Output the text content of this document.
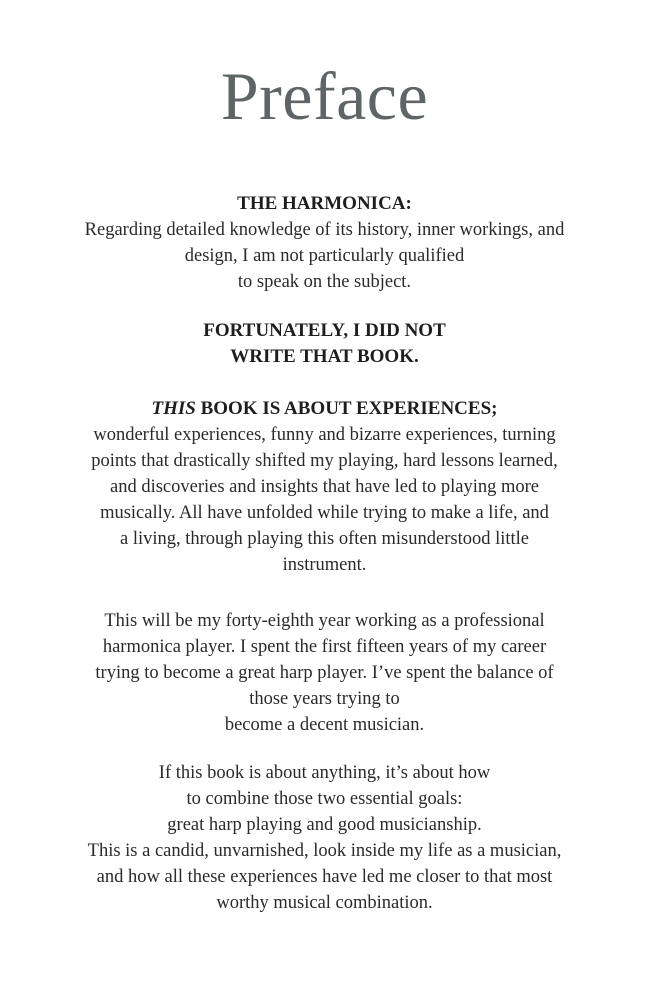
Preface

THE HARMONICA:

Regarding detailed knowledge of its history, inner workings, and

design, I am not particularly qualified

to speak on the subject.

FORTUNATELY, I DID NOT

WRITE THAT BOOK.

THIS BOOK IS ABOUT EXPERIENCES;

wonderful experiences, funny and bizarre experiences, turning

points that drastically shifted my playing, hard lessons learned,

and discoveries and insights that have led to playing more

musically. All have unfolded while trying to make a life, and

a living, through playing this often misunderstood little

instrument.

This will be my forty-eighth year working as a professional

harmonica player. I spent the first fifteen years of my career

trying to become a great harp player. I’ve spent the balance of

those years trying to

become a decent musician.

If this book is about anything, it’s about how

to combine those two essential goals:

great harp playing and good musicianship.

This is a candid, unvarnished, look inside my life as a musician,

and how all these experiences have led me closer to that most

worthy musical combination.
